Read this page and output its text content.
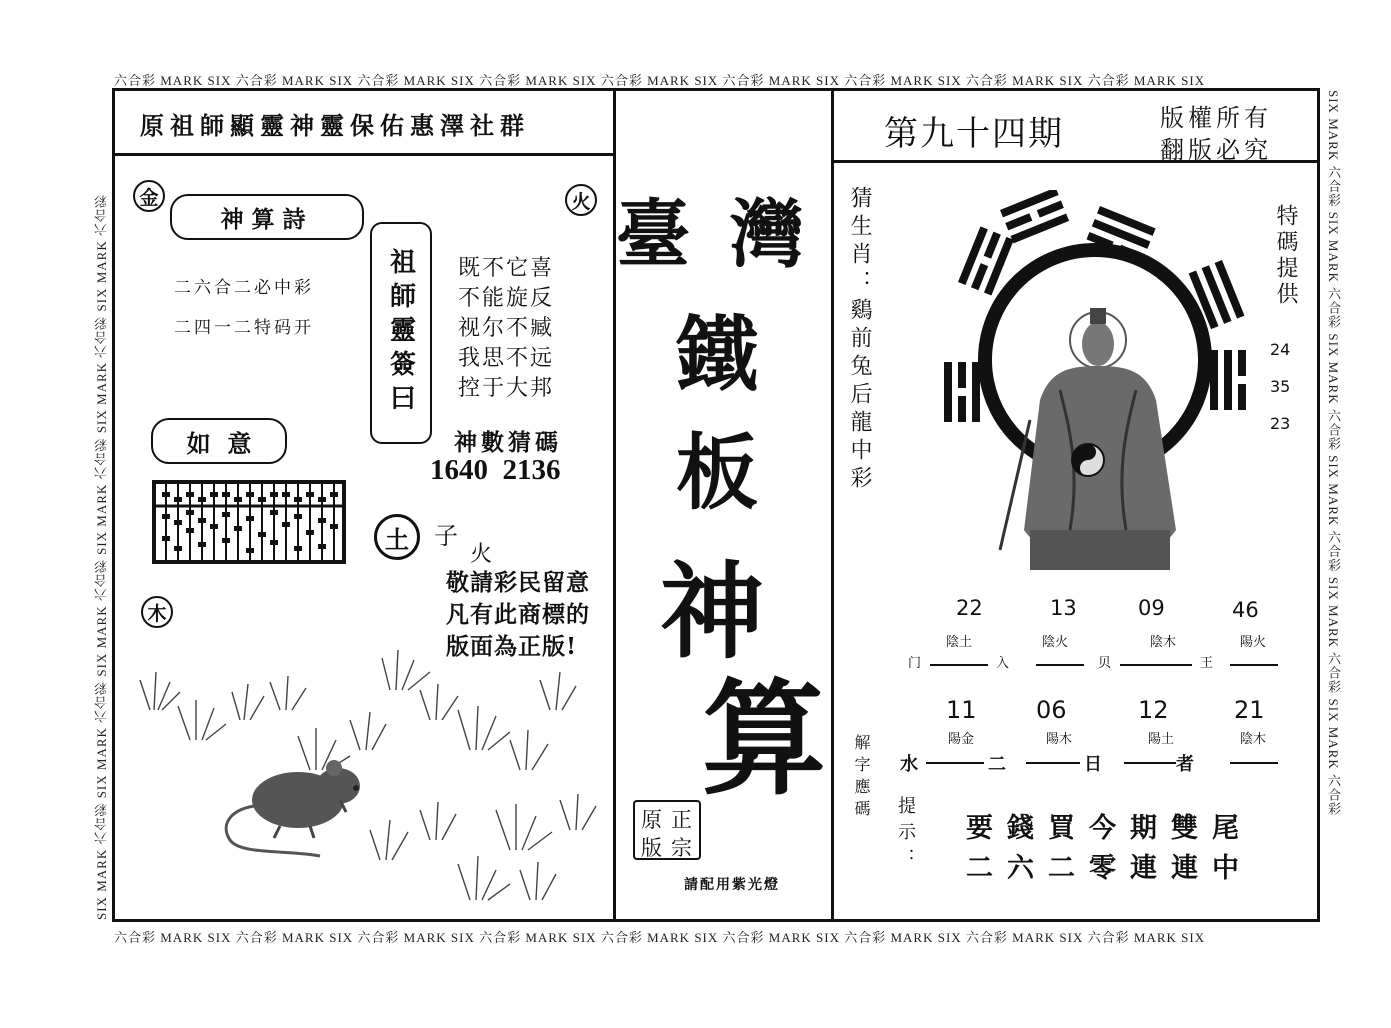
六合彩 MARK SIX 六合彩 MARK SIX 六合彩 MARK SIX 六合彩 MARK SIX 六合彩 MARK SIX 六合彩 MARK SIX 六合彩 MARK SIX 六合彩 MARK SIX 六合彩 MARK SIX
六合彩 MARK SIX 六合彩 MARK SIX 六合彩 MARK SIX 六合彩 MARK SIX 六合彩 MARK SIX 六合彩 MARK SIX 六合彩 MARK SIX 六合彩 MARK SIX 六合彩 MARK SIX
SIX MARK 六合彩 SIX MARK 六合彩 SIX MARK 六合彩 SIX MARK 六合彩 SIX MARK 六合彩 SIX MARK 六合彩	SIX MARK 六合彩 SIX MARK 六合彩 SIX MARK 六合彩 SIX MARK 六合彩 SIX MARK 六合彩 SIX MARK 六合彩
原祖師顯靈神靈保佑惠澤社群
金	火
神算詩
二六合二必中彩
二四一二特码开
如  意
祖師靈簽曰 既不它喜
不能旋反
视尔不臧
我思不远
控于大邦
神數猜碼
1640  2136
土	子
火
敬請彩民留意
凡有此商標的
版面為正版!
木
臺 灣
鐵
板
神
算
原 正
版 宗
請配用紫光燈
第九十四期	版權所有
翻版必究
猜生肖：鷄前兔后龍中彩	特碼提供
24
35
23
22	13	09	46
陰土	陰火	陰木	陽火
门	入	贝	王
11 06	12	21
陽金	陽木	陽土	陰木
水	二	日	者
解字應碼
提示： 要錢買今期雙尾
二六二零連連中
